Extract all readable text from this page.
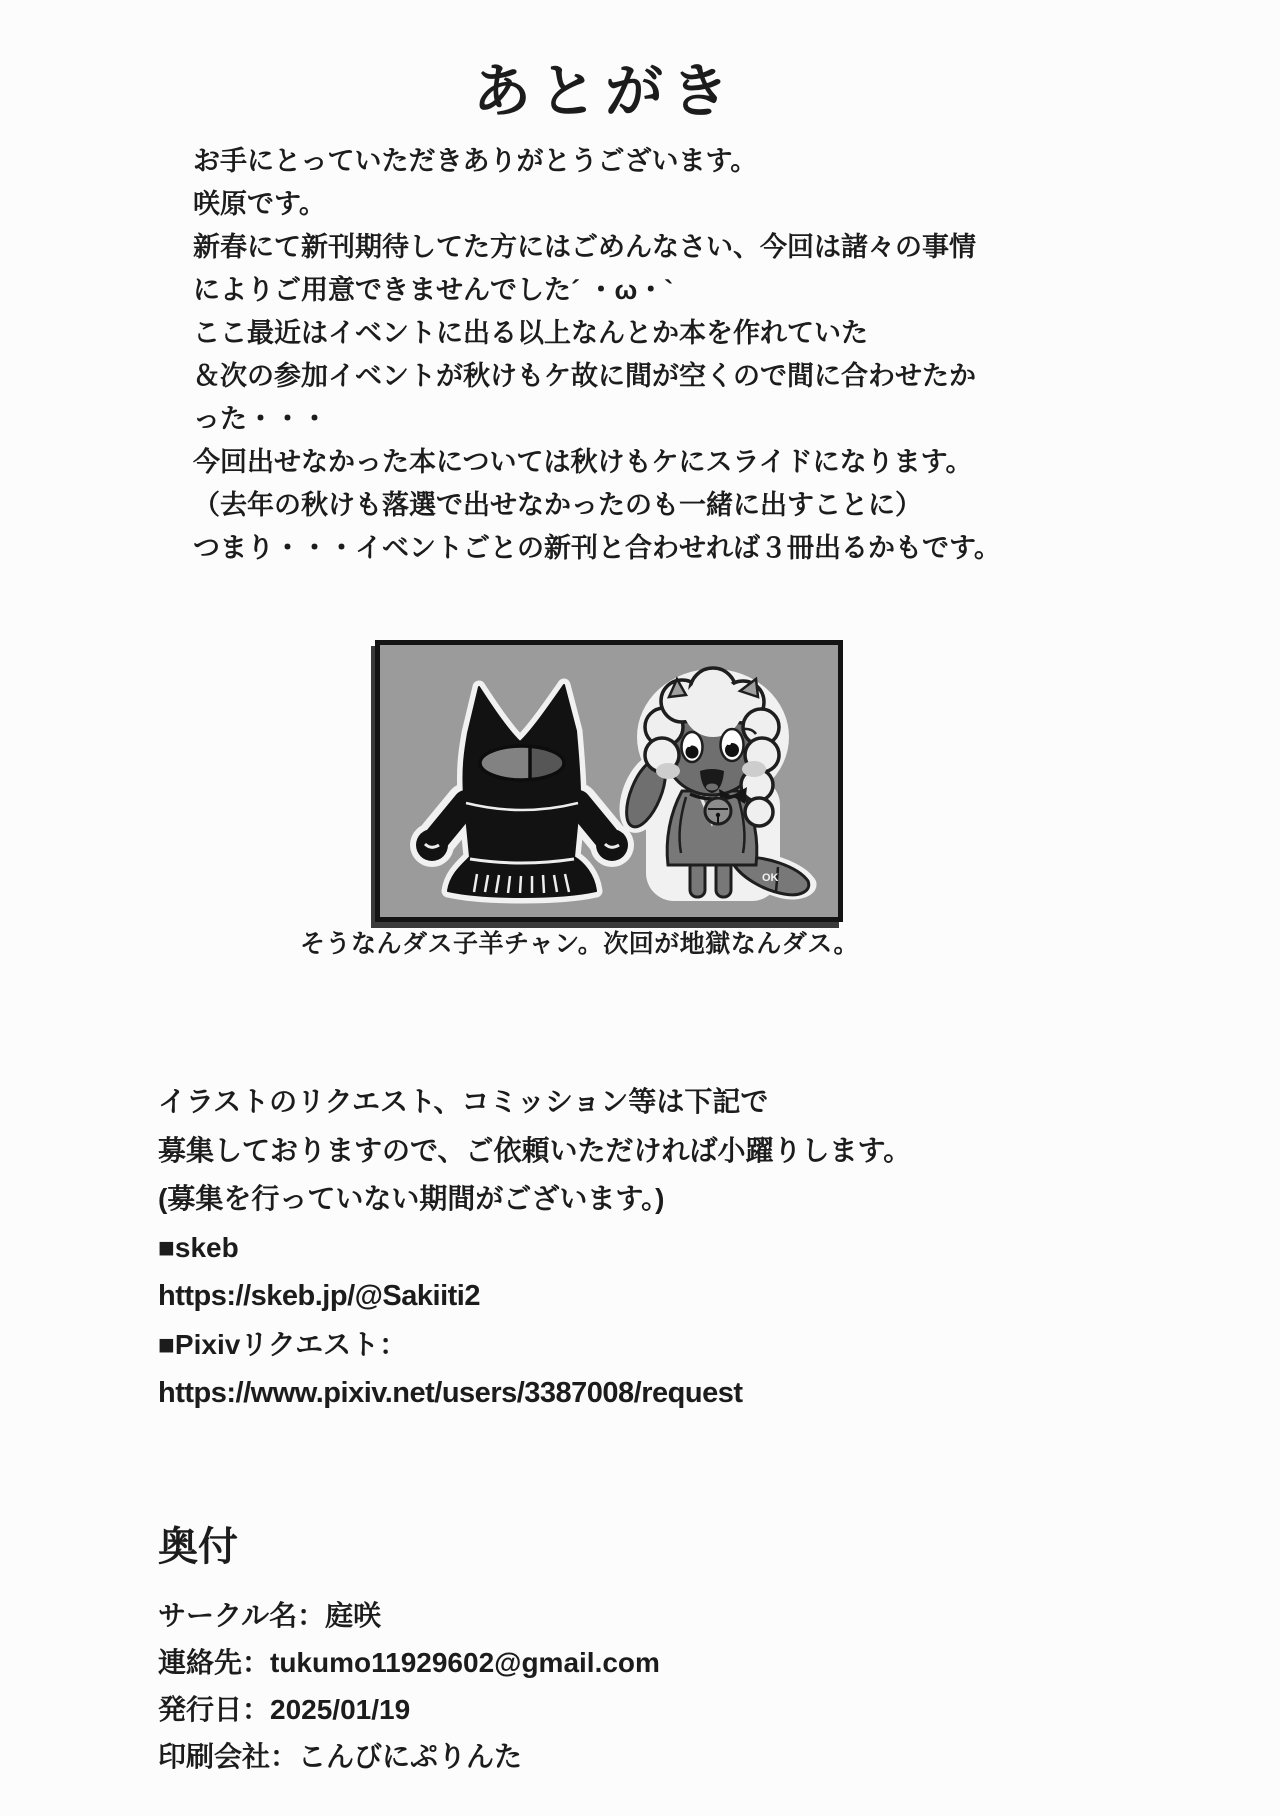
あとがき
お手にとっていただきありがとうございます。
咲原です。
新春にて新刊期待してた方にはごめんなさい、今回は諸々の事情
によりご用意できませんでした´ ・ω・`
ここ最近はイベントに出る以上なんとか本を作れていた
＆次の参加イベントが秋けもケ故に間が空くので間に合わせたか
った・・・
今回出せなかった本については秋けもケにスライドになります。
（去年の秋けも落選で出せなかったのも一緒に出すことに）
つまり・・・イベントごとの新刊と合わせれば３冊出るかもです。
OK
そうなんダス子羊チャン。次回が地獄なんダス。
イラストのリクエスト、コミッション等は下記で
募集しておりますので、ご依頼いただければ小躍りします。
(募集を行っていない期間がございます。)
■skeb
https://skeb.jp/@Sakiiti2
■Pixivリクエスト：
https://www.pixiv.net/users/3387008/request
奥付
サークル名：庭咲
連絡先：tukumo11929602@gmail.com
発行日：2025/01/19
印刷会社：こんびにぷりんた
